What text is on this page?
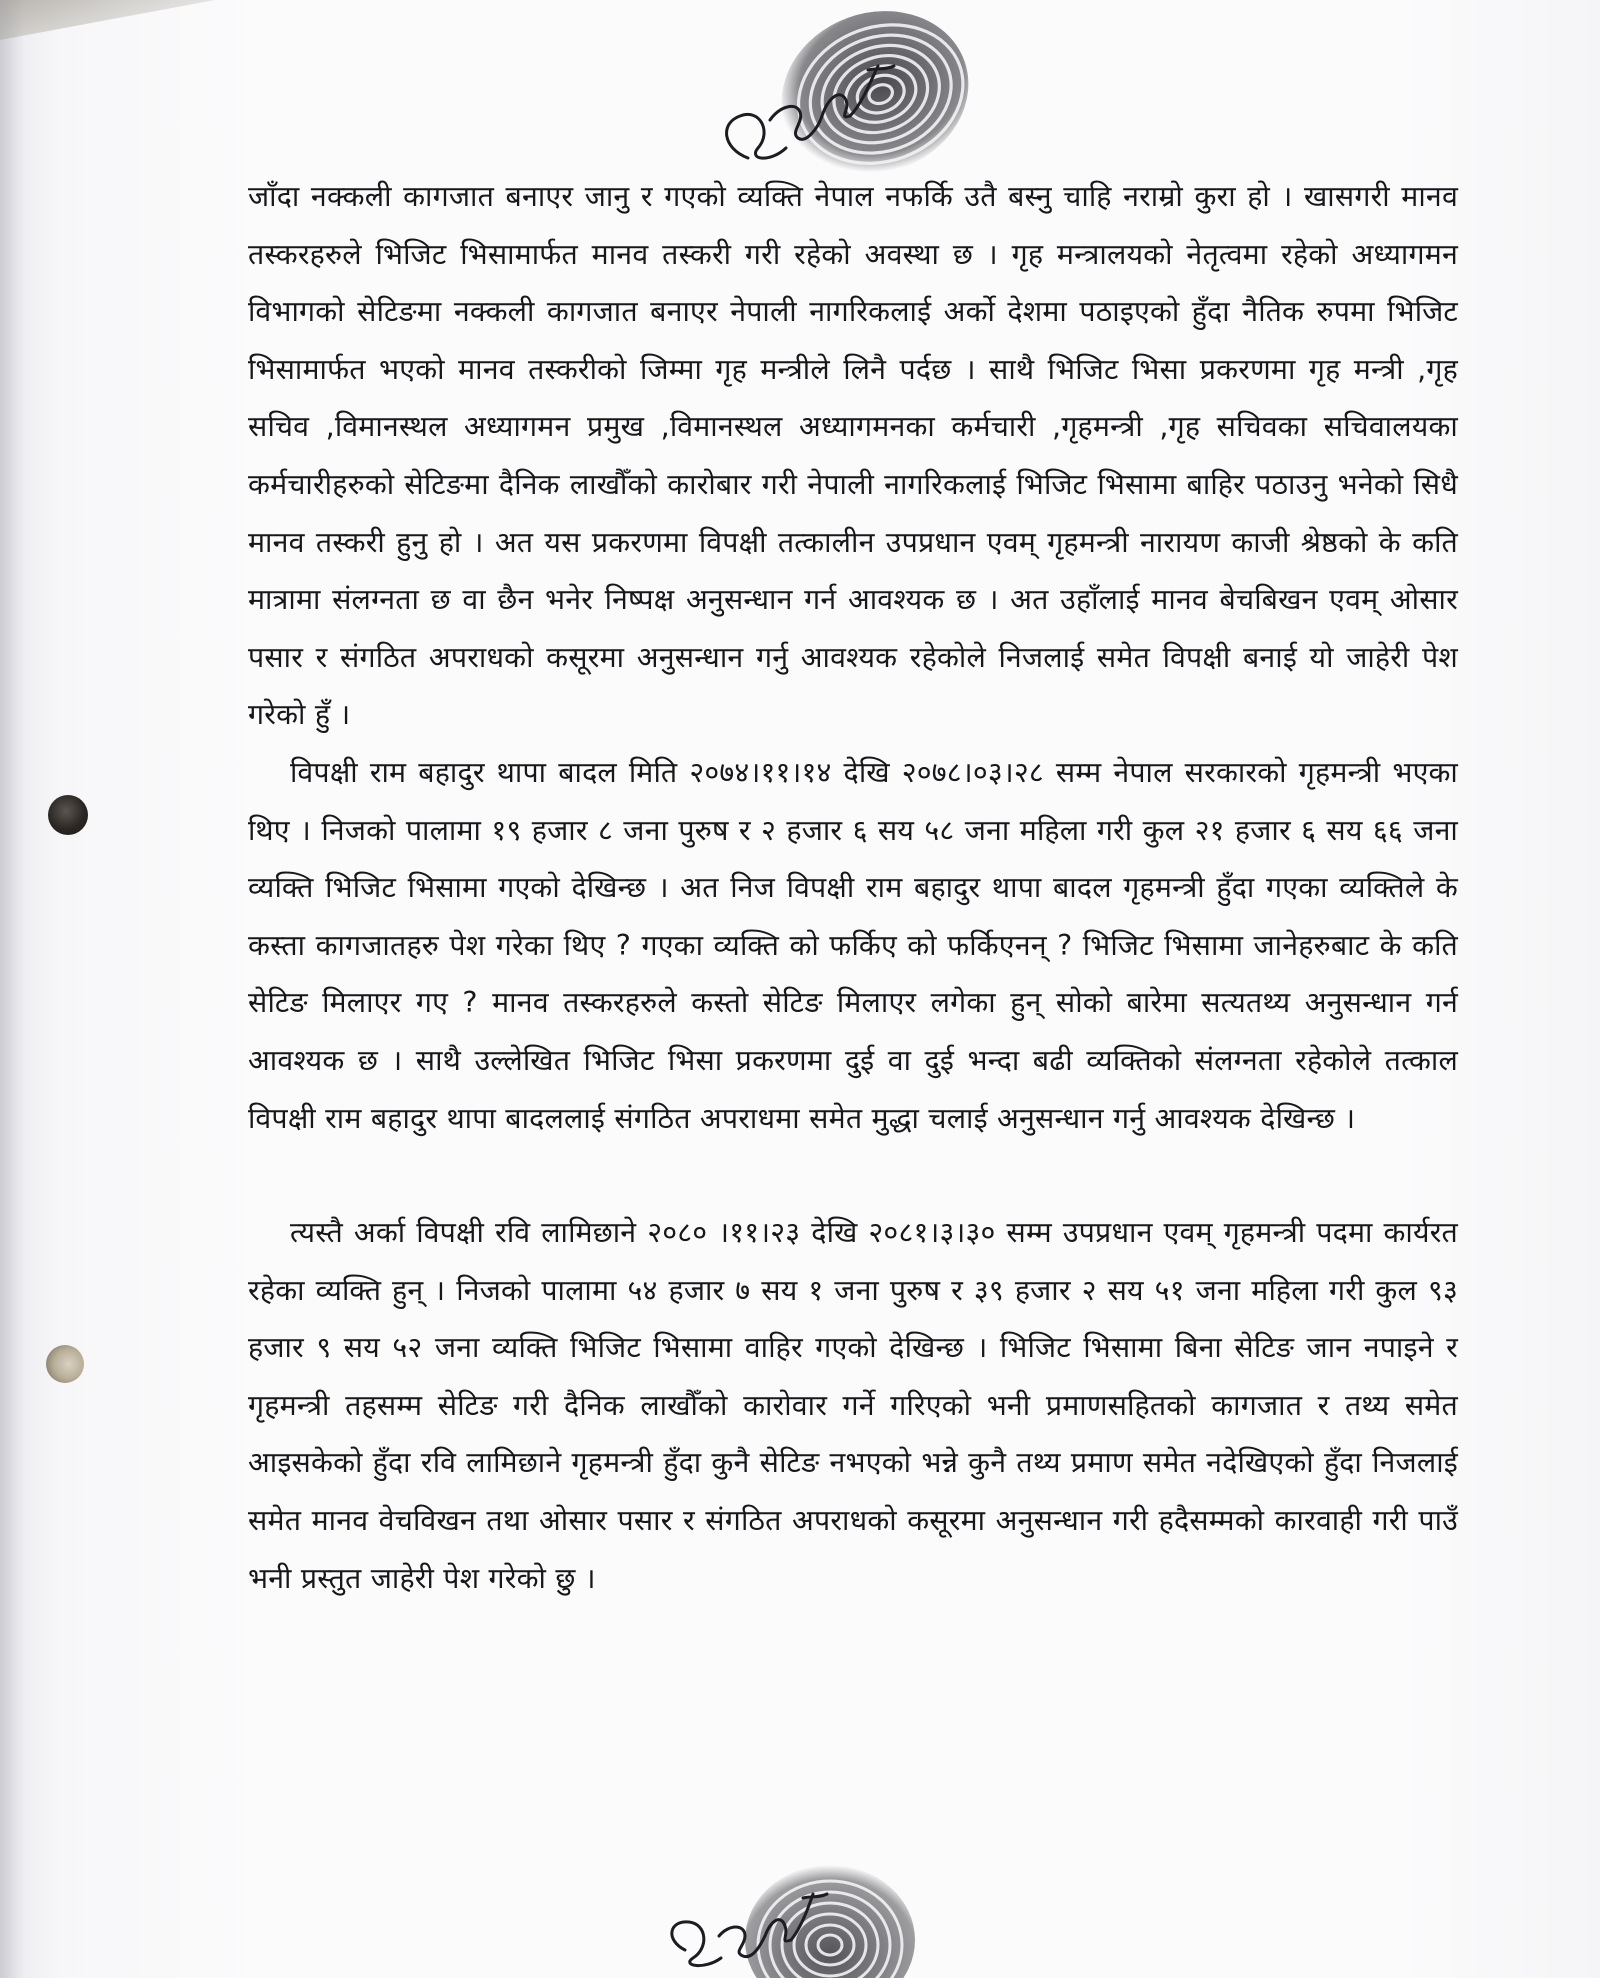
जाँदा नक्कली कागजात बनाएर जानु र गएको व्यक्ति नेपाल नफर्कि उतै बस्नु चाहि नराम्रो कुरा हो । खासगरी मानव तस्करहरुले भिजिट भिसामार्फत मानव तस्करी गरी रहेको अवस्था छ । गृह मन्त्रालयको नेतृत्वमा रहेको अध्यागमन विभागको सेटिङमा नक्कली कागजात बनाएर नेपाली नागरिकलाई अर्को देशमा पठाइएको हुँदा नैतिक रुपमा भिजिट भिसामार्फत भएको मानव तस्करीको जिम्मा गृह मन्त्रीले लिनै पर्दछ । साथै भिजिट भिसा प्रकरणमा गृह मन्त्री ,गृह सचिव ,विमानस्थल अध्यागमन प्रमुख ,विमानस्थल अध्यागमनका कर्मचारी ,गृहमन्त्री ,गृह सचिवका सचिवालयका कर्मचारीहरुको सेटिङमा दैनिक लाखौँको कारोबार गरी नेपाली नागरिकलाई भिजिट भिसामा बाहिर पठाउनु भनेको सिधै मानव तस्करी हुनु हो । अत यस प्रकरणमा विपक्षी तत्कालीन उपप्रधान एवम् गृहमन्त्री नारायण काजी श्रेष्ठको के कति मात्रामा संलग्नता छ वा छैन भनेर निष्पक्ष अनुसन्धान गर्न आवश्यक छ । अत उहाँलाई मानव बेचबिखन एवम् ओसार पसार र संगठित अपराधको कसूरमा अनुसन्धान गर्नु आवश्यक रहेकोले निजलाई समेत विपक्षी बनाई यो जाहेरी पेश गरेको हुँ ।

विपक्षी राम बहादुर थापा बादल मिति २०७४।११।१४ देखि २०७८।०३।२८ सम्म नेपाल सरकारको गृहमन्त्री भएका थिए । निजको पालामा १९ हजार ८ जना पुरुष र २ हजार ६ सय ५८ जना महिला गरी कुल २१ हजार ६ सय ६६ जना व्यक्ति भिजिट भिसामा गएको देखिन्छ । अत निज विपक्षी राम बहादुर थापा बादल गृहमन्त्री हुँदा गएका व्यक्तिले के कस्ता कागजातहरु पेश गरेका थिए ? गएका व्यक्ति को फर्किए को फर्किएनन् ? भिजिट भिसामा जानेहरुबाट के कति सेटिङ मिलाएर गए ? मानव तस्करहरुले कस्तो सेटिङ मिलाएर लगेका हुन् सोको बारेमा सत्यतथ्य अनुसन्धान गर्न आवश्यक छ । साथै उल्लेखित भिजिट भिसा प्रकरणमा दुई वा दुई भन्दा बढी व्यक्तिको संलग्नता रहेकोले तत्काल विपक्षी राम बहादुर थापा बादललाई संगठित अपराधमा समेत मुद्धा चलाई अनुसन्धान गर्नु आवश्यक देखिन्छ ।

त्यस्तै अर्का विपक्षी रवि लामिछाने २०८० ।११।२३ देखि २०८१।३।३० सम्म उपप्रधान एवम् गृहमन्त्री पदमा कार्यरत रहेका व्यक्ति हुन् । निजको पालामा ५४ हजार ७ सय १ जना पुरुष र ३९ हजार २ सय ५१ जना महिला गरी कुल ९३ हजार ९ सय ५२ जना व्यक्ति भिजिट भिसामा वाहिर गएको देखिन्छ । भिजिट भिसामा बिना सेटिङ जान नपाइने र गृहमन्त्री तहसम्म सेटिङ गरी दैनिक लाखौँको कारोवार गर्ने गरिएको भनी प्रमाणसहितको कागजात र तथ्य समेत आइसकेको हुँदा रवि लामिछाने गृहमन्त्री हुँदा कुनै सेटिङ नभएको भन्ने कुनै तथ्य प्रमाण समेत नदेखिएको हुँदा निजलाई समेत मानव वेचविखन तथा ओसार पसार र संगठित अपराधको कसूरमा अनुसन्धान गरी हदैसम्मको कारवाही गरी पाउँ भनी प्रस्तुत जाहेरी पेश गरेको छु ।
